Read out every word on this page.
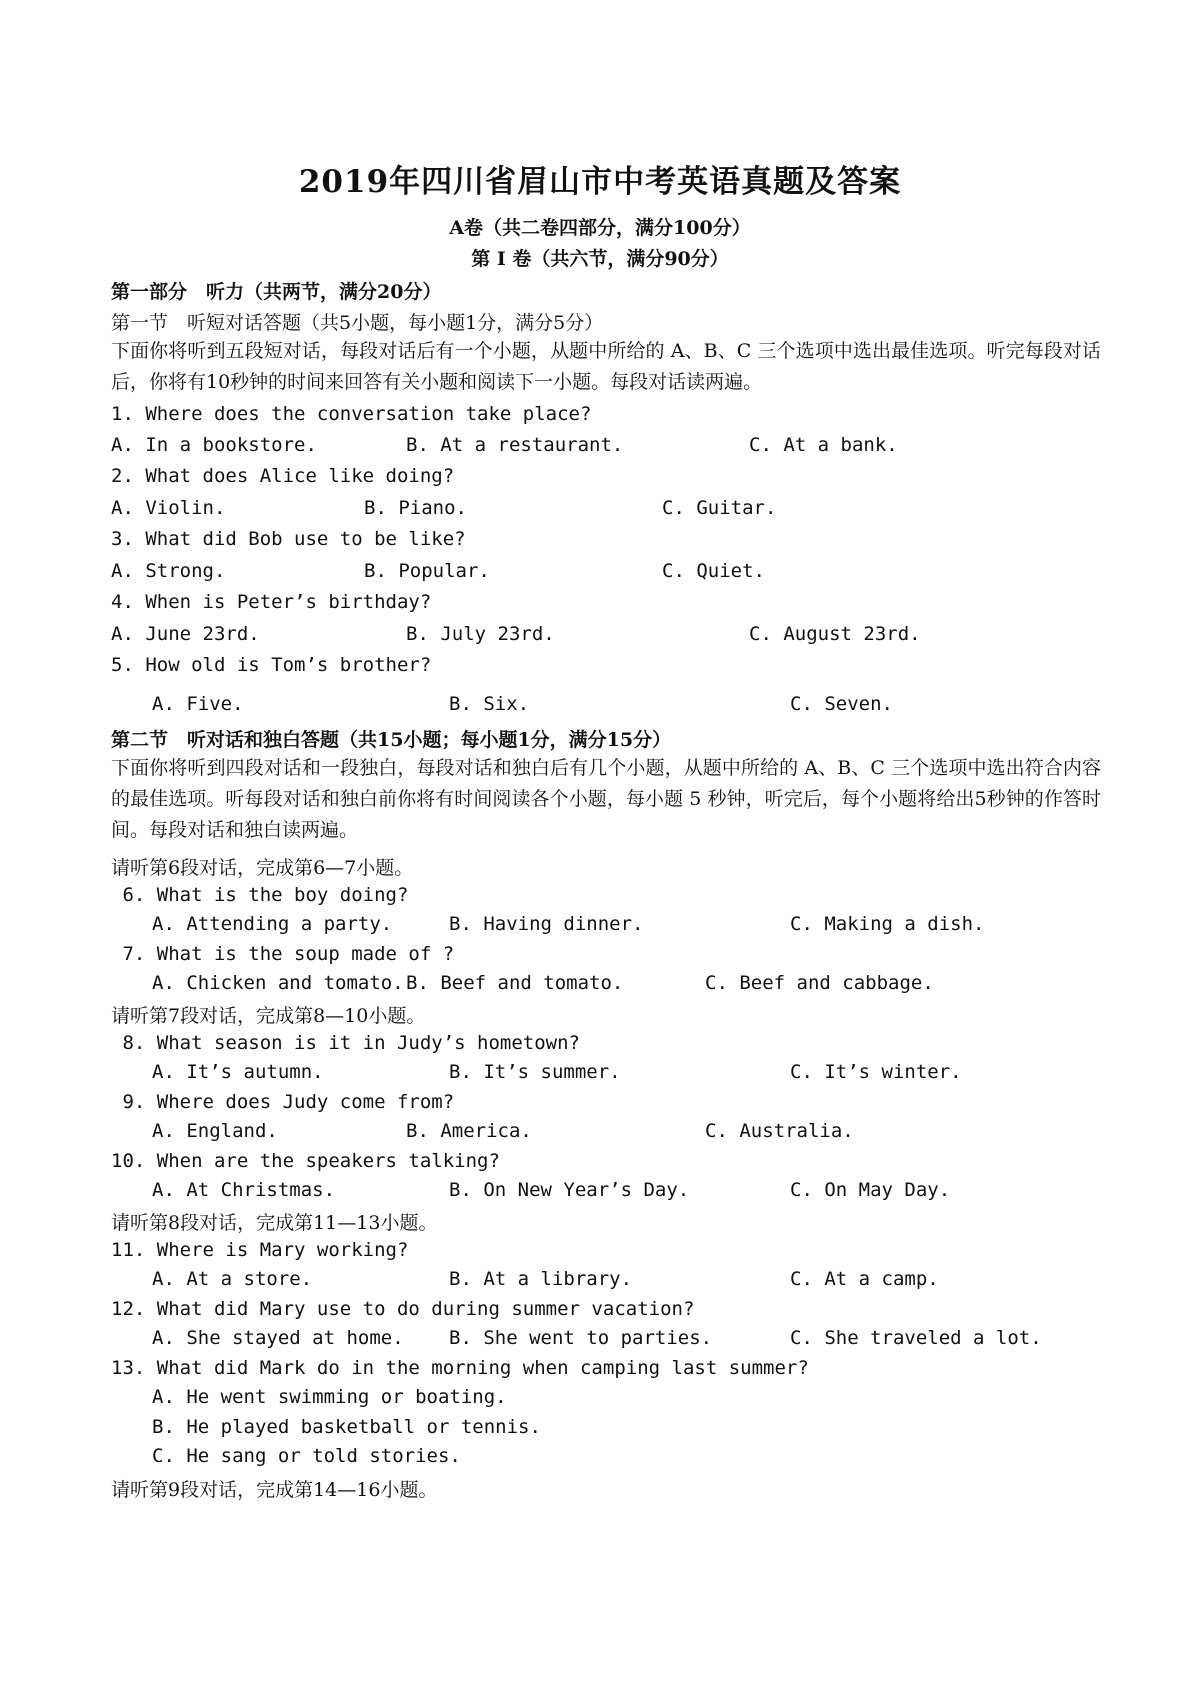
2019年四川省眉山市中考英语真题及答案
A卷（共二卷四部分，满分100分）
第 I 卷（共六节，满分90分）
第一部分　听力（共两节，满分20分）
第一节　听短对话答题（共5小题，每小题1分，满分5分）
下面你将听到五段短对话，每段对话后有一个小题，从题中所给的 A、B、C 三个选项中选出最佳选项。听完每段对话后，你将有10秒钟的时间来回答有关小题和阅读下一小题。每段对话读两遍。
1. Where does the conversation take place?
A. In a bookstore.	B. At a restaurant.	C. At a bank.
2. What does Alice like doing?
A. Violin.	B. Piano.	C. Guitar.
3. What did Bob use to be like?
A. Strong.	B. Popular.	C. Quiet.
4. When is Peter’s birthday?
A. June 23rd.	B. July 23rd.	C. August 23rd.
5. How old is Tom’s brother?
A. Five.	B. Six.	C. Seven.
第二节　听对话和独白答题（共15小题；每小题1分，满分15分）
下面你将听到四段对话和一段独白，每段对话和独白后有几个小题，从题中所给的 A、B、C 三个选项中选出符合内容的最佳选项。听每段对话和独白前你将有时间阅读各个小题，每小题 5 秒钟，听完后，每个小题将给出5秒钟的作答时间。每段对话和独白读两遍。
请听第6段对话，完成第6—7小题。
6. What is the boy doing?
A. Attending a party.	B. Having dinner.	C. Making a dish.
7. What is the soup made of ?
A. Chicken and tomato. B. Beef and tomato.	C. Beef and cabbage.
请听第7段对话，完成第8—10小题。
8. What season is it in Judy’s hometown?
A. It’s autumn.	B. It’s summer.	C. It’s winter.
9. Where does Judy come from?
A. England.	B. America.	C. Australia.
10. When are the speakers talking?
A. At Christmas.	B. On New Year’s Day.	C. On May Day.
请听第8段对话，完成第11—13小题。
11. Where is Mary working?
A. At a store.	B. At a library.	C. At a camp.
12. What did Mary use to do during summer vacation?
A. She stayed at home. B. She went to parties.	C. She traveled a lot.
13. What did Mark do in the morning when camping last summer?
A. He went swimming or boating.
B. He played basketball or tennis.
C. He sang or told stories.
请听第9段对话，完成第14—16小题。
